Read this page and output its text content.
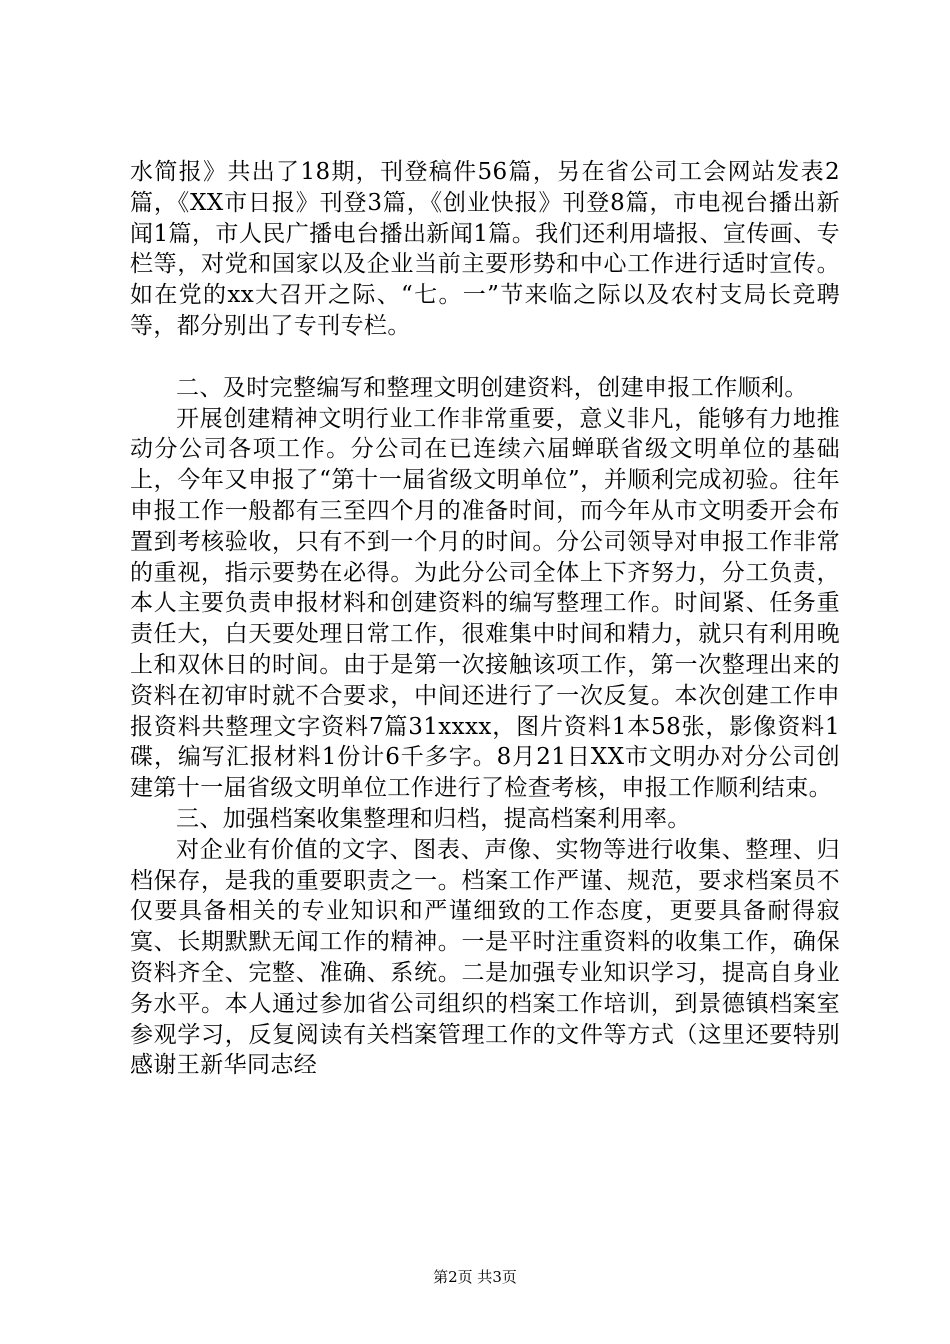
水简报》共出了18期，刊登稿件56篇，另在省公司工会网站发表2篇，《XX市日报》刊登3篇，《创业快报》刊登8篇，市电视台播出新闻1篇，市人民广播电台播出新闻1篇。我们还利用墙报、宣传画、专栏等，对党和国家以及企业当前主要形势和中心工作进行适时宣传。如在党的xx大召开之际、“七。一”节来临之际以及农村支局长竞聘等，都分别出了专刊专栏。

二、及时完整编写和整理文明创建资料，创建申报工作顺利。

开展创建精神文明行业工作非常重要，意义非凡，能够有力地推动分公司各项工作。分公司在已连续六届蝉联省级文明单位的基础上，今年又申报了“第十一届省级文明单位”，并顺利完成初验。往年申报工作一般都有三至四个月的准备时间，而今年从市文明委开会布置到考核验收，只有不到一个月的时间。分公司领导对申报工作非常的重视，指示要势在必得。为此分公司全体上下齐努力，分工负责，本人主要负责申报材料和创建资料的编写整理工作。时间紧、任务重责任大，白天要处理日常工作，很难集中时间和精力，就只有利用晚上和双休日的时间。由于是第一次接触该项工作，第一次整理出来的资料在初审时就不合要求，中间还进行了一次反复。本次创建工作申报资料共整理文字资料7篇31xxxx，图片资料1本58张，影像资料1碟，编写汇报材料1份计6千多字。8月21日XX市文明办对分公司创建第十一届省级文明单位工作进行了检查考核，申报工作顺利结束。

三、加强档案收集整理和归档，提高档案利用率。

对企业有价值的文字、图表、声像、实物等进行收集、整理、归档保存，是我的重要职责之一。档案工作严谨、规范，要求档案员不仅要具备相关的专业知识和严谨细致的工作态度，更要具备耐得寂寞、长期默默无闻工作的精神。一是平时注重资料的收集工作，确保资料齐全、完整、准确、系统。二是加强专业知识学习，提高自身业务水平。本人通过参加省公司组织的档案工作培训，到景德镇档案室参观学习，反复阅读有关档案管理工作的文件等方式（这里还要特别感谢王新华同志经

第2页 共3页
